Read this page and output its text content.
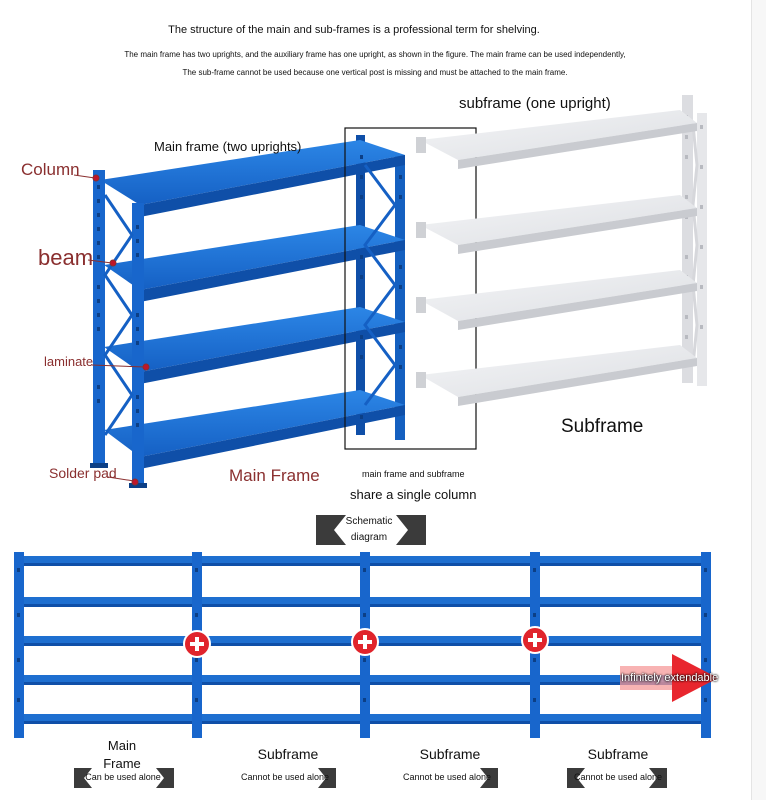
The structure of the main and sub-frames is a professional term for shelving.
The main frame has two uprights, and the auxiliary frame has one upright, as shown in the figure. The main frame can be used independently,
The sub-frame cannot be used because one vertical post is missing and must be attached to the main frame.
Main frame (two uprights)
subframe (one upright)
Column
beam
laminate
Solder pad	Main Frame
Subframe
main frame and subframe
share a single column
Schematic
diagram
Infinitely extendable
Main
Frame
Subframe	Subframe	Subframe
Can be used alone	Cannot be used alone	Cannot be used alone	Cannot be used alone
